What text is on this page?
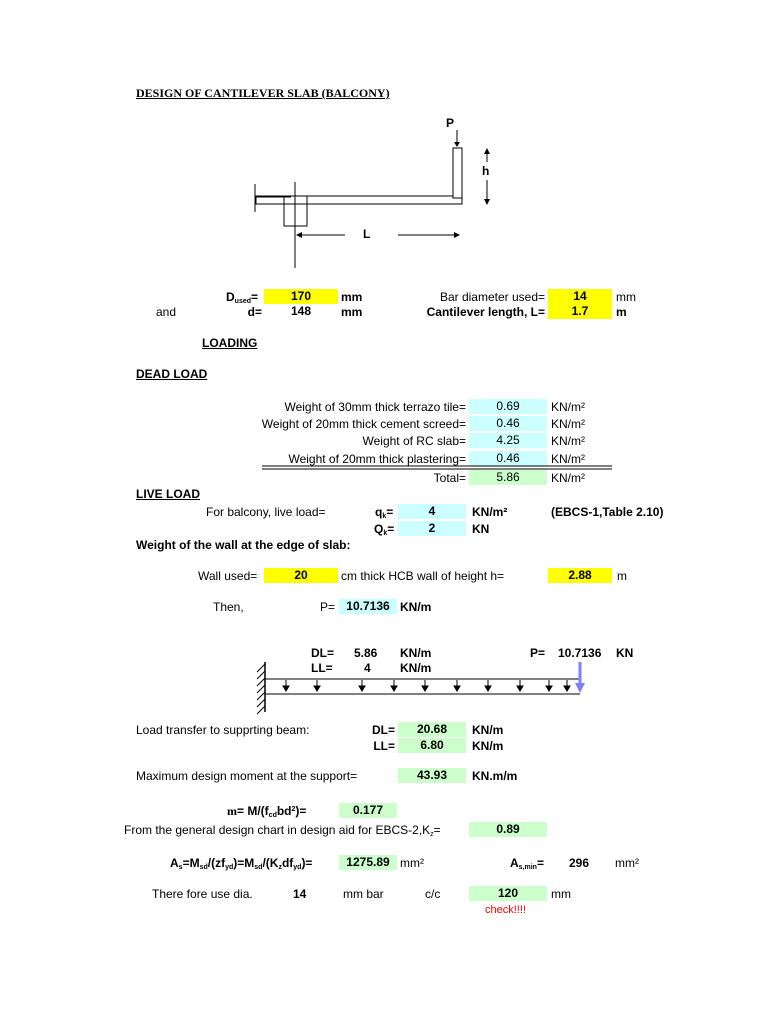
DESIGN OF CANTILEVER SLAB (BALCONY)
P
h
L
$D_{used}=$	170	mm
and	d=	148	mm
Bar diameter used=	14	mm
Cantilever length, L=	1.7	m
LOADING
DEAD LOAD
Weight of 30mm thick terrazo tile=	0.69	KN/m²
Weight of 20mm thick cement screed=	0.46	KN/m²
Weight of RC slab=	4.25	KN/m²
Weight of 20mm thick plastering=	0.46	KN/m²
Total=	5.86	KN/m²
LIVE LOAD
For balcony, live load=	$q_k=$	4	KN/m²	(EBCS-1,Table 2.10)
$Q_k=$	2	KN
Weight of the wall at the edge of slab:
Wall used=	20	cm thick HCB wall of height h=	2.88	m
Then,	P= 10.7136 KN/m
DL= 5.86 KN/m
LL=	4 KN/m
P= 10.7136 KN
Load transfer to supprting beam:	DL=	20.68	KN/m
LL=	6.80	KN/m
Maximum design moment at the support=	43.93	KN.m/m
$m= M/(f_{cd}bd^2)=$	0.177
From the general design chart in design aid for EBCS-$2,K_z=$	0.89
$A_s=M_{sd}/(zf_{yd})=M_{sd}/(K_zdf_{yd})=$	1275.89 mm²	$A_{s,min}= 296$ mm²
There fore use dia.	14	mm bar	c/c	120	mm
check!!!!
